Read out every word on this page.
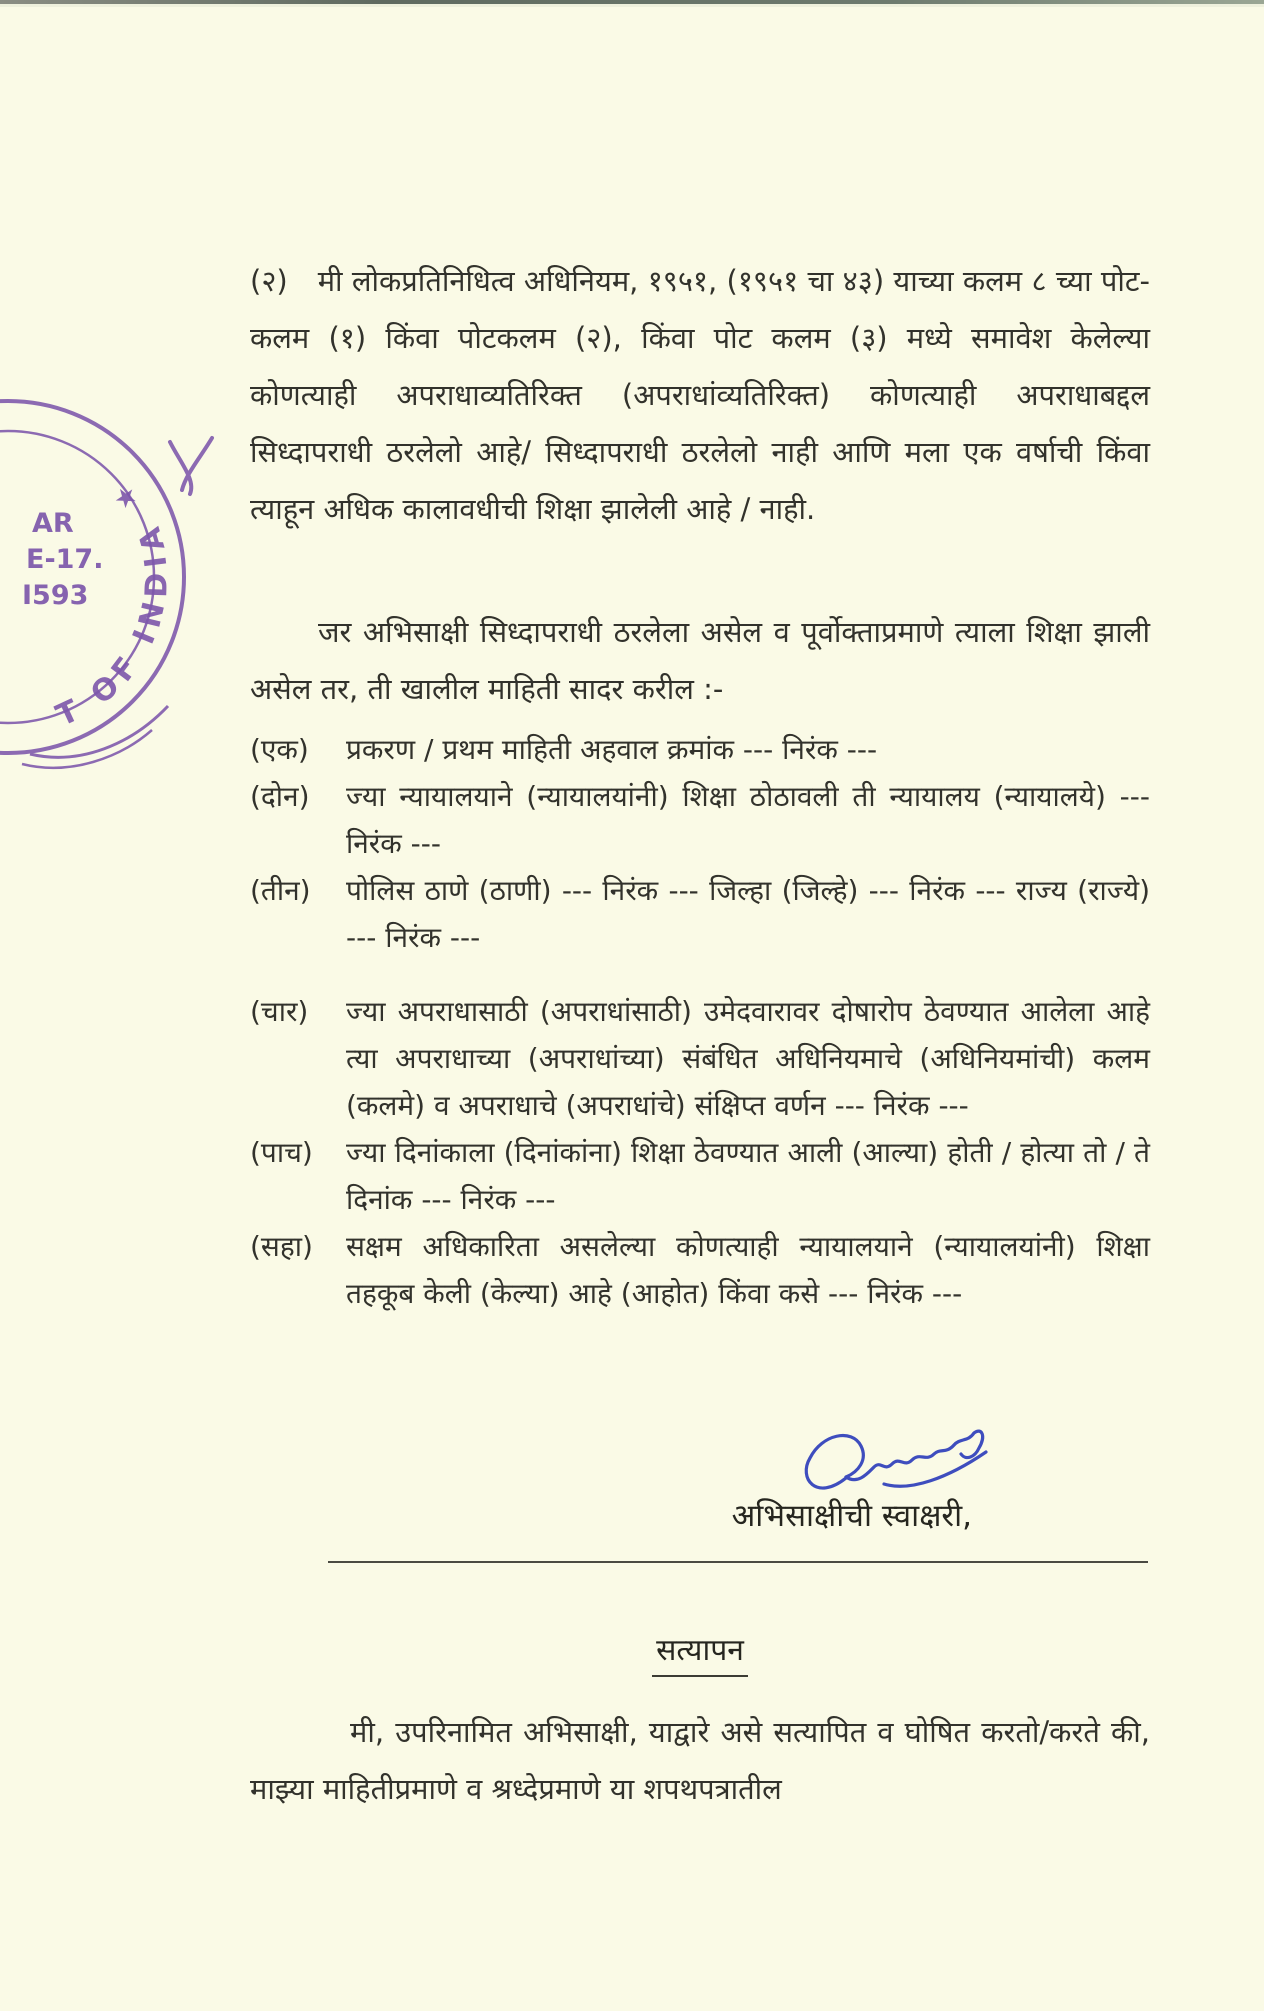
T OF INDIA
★
AR
E-17.
I593

(२) मी लोकप्रतिनिधित्व अधिनियम, १९५१, (१९५१ चा ४३) याच्या कलम ८ च्या पोट-कलम (१) किंवा पोटकलम (२), किंवा पोट कलम (३) मध्ये समावेश केलेल्या कोणत्याही अपराधाव्यतिरिक्त (अपराधांव्यतिरिक्त) कोणत्याही अपराधाबद्दल सिध्दापराधी ठरलेलो आहे/ सिध्दापराधी ठरलेलो नाही आणि मला एक वर्षाची किंवा त्याहून अधिक कालावधीची शिक्षा झालेली आहे / नाही.

जर अभिसाक्षी सिध्दापराधी ठरलेला असेल व पूर्वोक्ताप्रमाणे त्याला शिक्षा झाली असेल तर, ती खालील माहिती सादर करील :-

(एक)	प्रकरण / प्रथम माहिती अहवाल क्रमांक --- निरंक ---
(दोन)	ज्या न्यायालयाने (न्यायालयांनी) शिक्षा ठोठावली ती न्यायालय (न्यायालये) --- निरंक ---
(तीन)	पोलिस ठाणे (ठाणी) --- निरंक --- जिल्हा (जिल्हे) --- निरंक --- राज्य (राज्ये) --- निरंक ---
(चार)	ज्या अपराधासाठी (अपराधांसाठी) उमेदवारावर दोषारोप ठेवण्यात आलेला आहे त्या अपराधाच्या (अपराधांच्या) संबंधित अधिनियमाचे (अधिनियमांची) कलम (कलमे) व अपराधाचे (अपराधांचे) संक्षिप्त वर्णन --- निरंक ---
(पाच)	ज्या दिनांकाला (दिनांकांना) शिक्षा ठेवण्यात आली (आल्या) होती / होत्या तो / ते दिनांक --- निरंक ---
(सहा)	सक्षम अधिकारिता असलेल्या कोणत्याही न्यायालयाने (न्यायालयांनी) शिक्षा तहकूब केली (केल्या) आहे (आहोत) किंवा कसे --- निरंक ---
अभिसाक्षीची स्वाक्षरी,
सत्यापन

मी, उपरिनामित अभिसाक्षी, याद्वारे असे सत्यापित व घोषित करतो/करते की, माझ्या माहितीप्रमाणे व श्रध्देप्रमाणे या शपथपत्रातील
